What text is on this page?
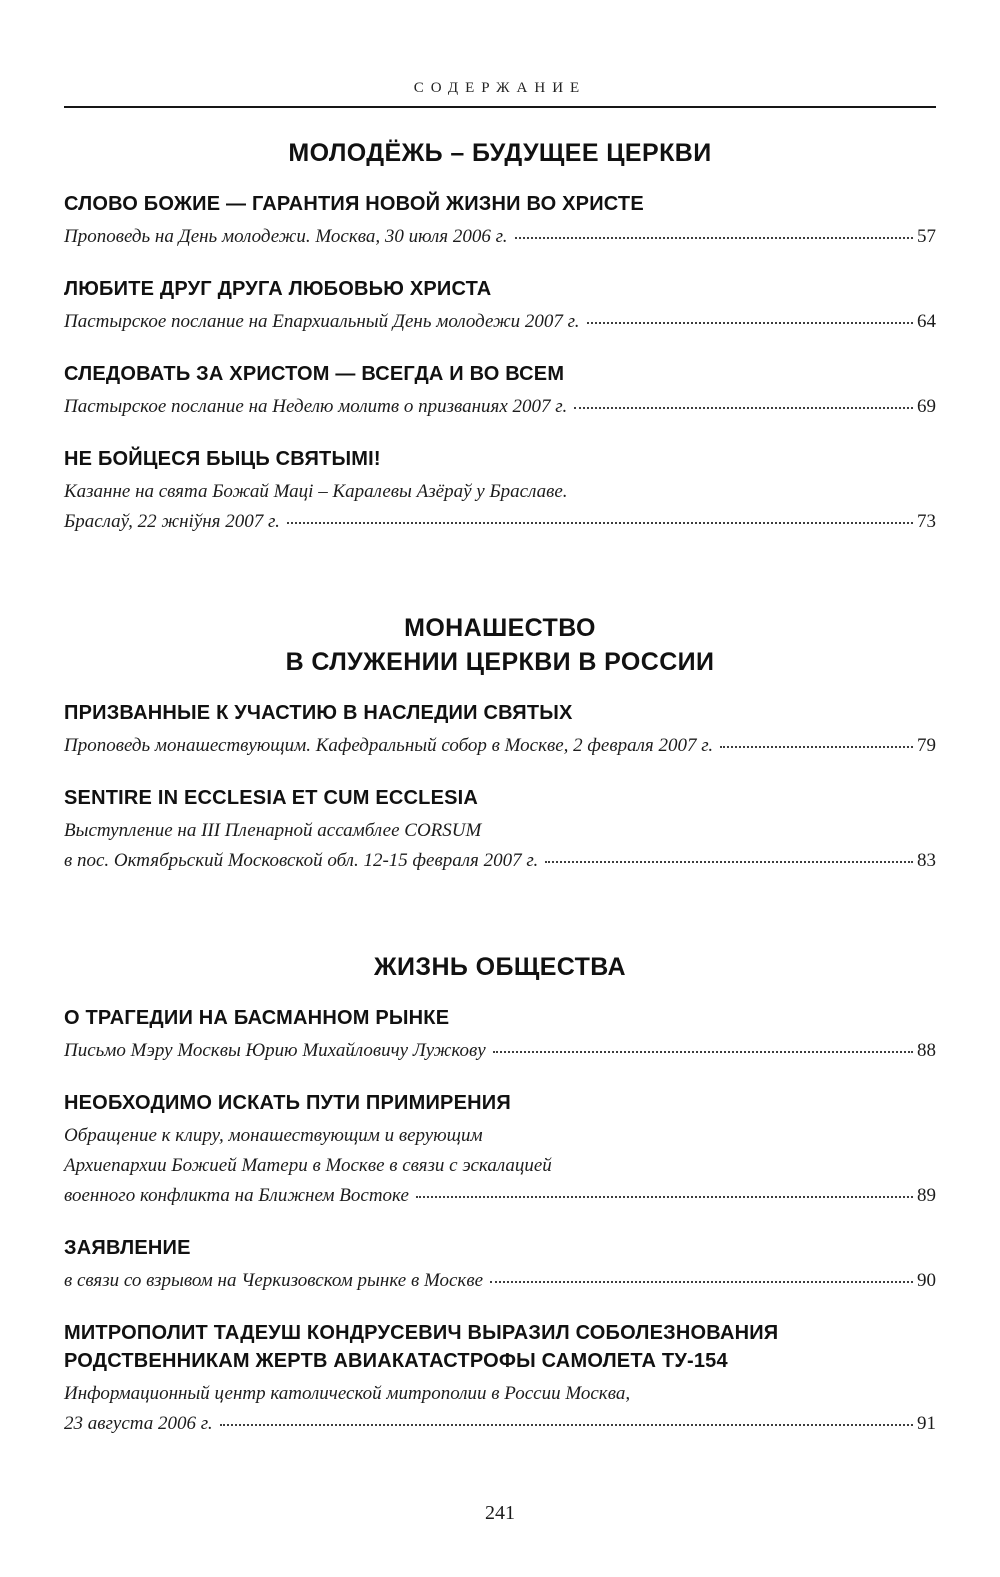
СОДЕРЖАНИЕ
МОЛОДЁЖЬ – БУДУЩЕЕ ЦЕРКВИ
СЛОВО БОЖИЕ — ГАРАНТИЯ НОВОЙ ЖИЗНИ ВО ХРИСТЕ
Проповедь на День молодежи. Москва, 30 июля 2006 г.	57
ЛЮБИТЕ ДРУГ ДРУГА ЛЮБОВЬЮ ХРИСТА
Пастырское послание на Епархиальный День молодежи 2007 г.	64
СЛЕДОВАТЬ ЗА ХРИСТОМ — ВСЕГДА И ВО ВСЕМ
Пастырское послание на Неделю молитв о призваниях 2007 г.	69
НЕ БОЙЦЕСЯ БЫЦЬ СВЯТЫМІ!
Казанне на свята Божай Маці – Каралевы Азёраў у Браславе.
Браслаў, 22 жніўня 2007 г.	73
МОНАШЕСТВО
В СЛУЖЕНИИ ЦЕРКВИ В РОССИИ
ПРИЗВАННЫЕ К УЧАСТИЮ В НАСЛЕДИИ СВЯТЫХ
Проповедь монашествующим. Кафедральный собор в Москве, 2 февраля 2007 г.	79
SENTIRE IN ECCLESIA ET CUM ECCLESIA
Выступление на III Пленарной ассамблее CORSUM
в пос. Октябрьский Московской обл. 12-15 февраля 2007 г.	83
ЖИЗНЬ ОБЩЕСТВА
О ТРАГЕДИИ НА БАСМАННОМ РЫНКЕ
Письмо Мэру Москвы Юрию Михайловичу Лужкову	88
НЕОБХОДИМО ИСКАТЬ ПУТИ ПРИМИРЕНИЯ
Обращение к клиру, монашествующим и верующим
Архиепархии Божией Матери в Москве в связи с эскалацией
военного конфликта на Ближнем Востоке	89
ЗАЯВЛЕНИЕ
в связи со взрывом на Черкизовском рынке в Москве	90
МИТРОПОЛИТ ТАДЕУШ КОНДРУСЕВИЧ ВЫРАЗИЛ СОБОЛЕЗНОВАНИЯ
РОДСТВЕННИКАМ ЖЕРТВ АВИАКАТАСТРОФЫ САМОЛЕТА ТУ-154
Информационный центр католической митрополии в России Москва,
23 августа 2006 г.	91
241
